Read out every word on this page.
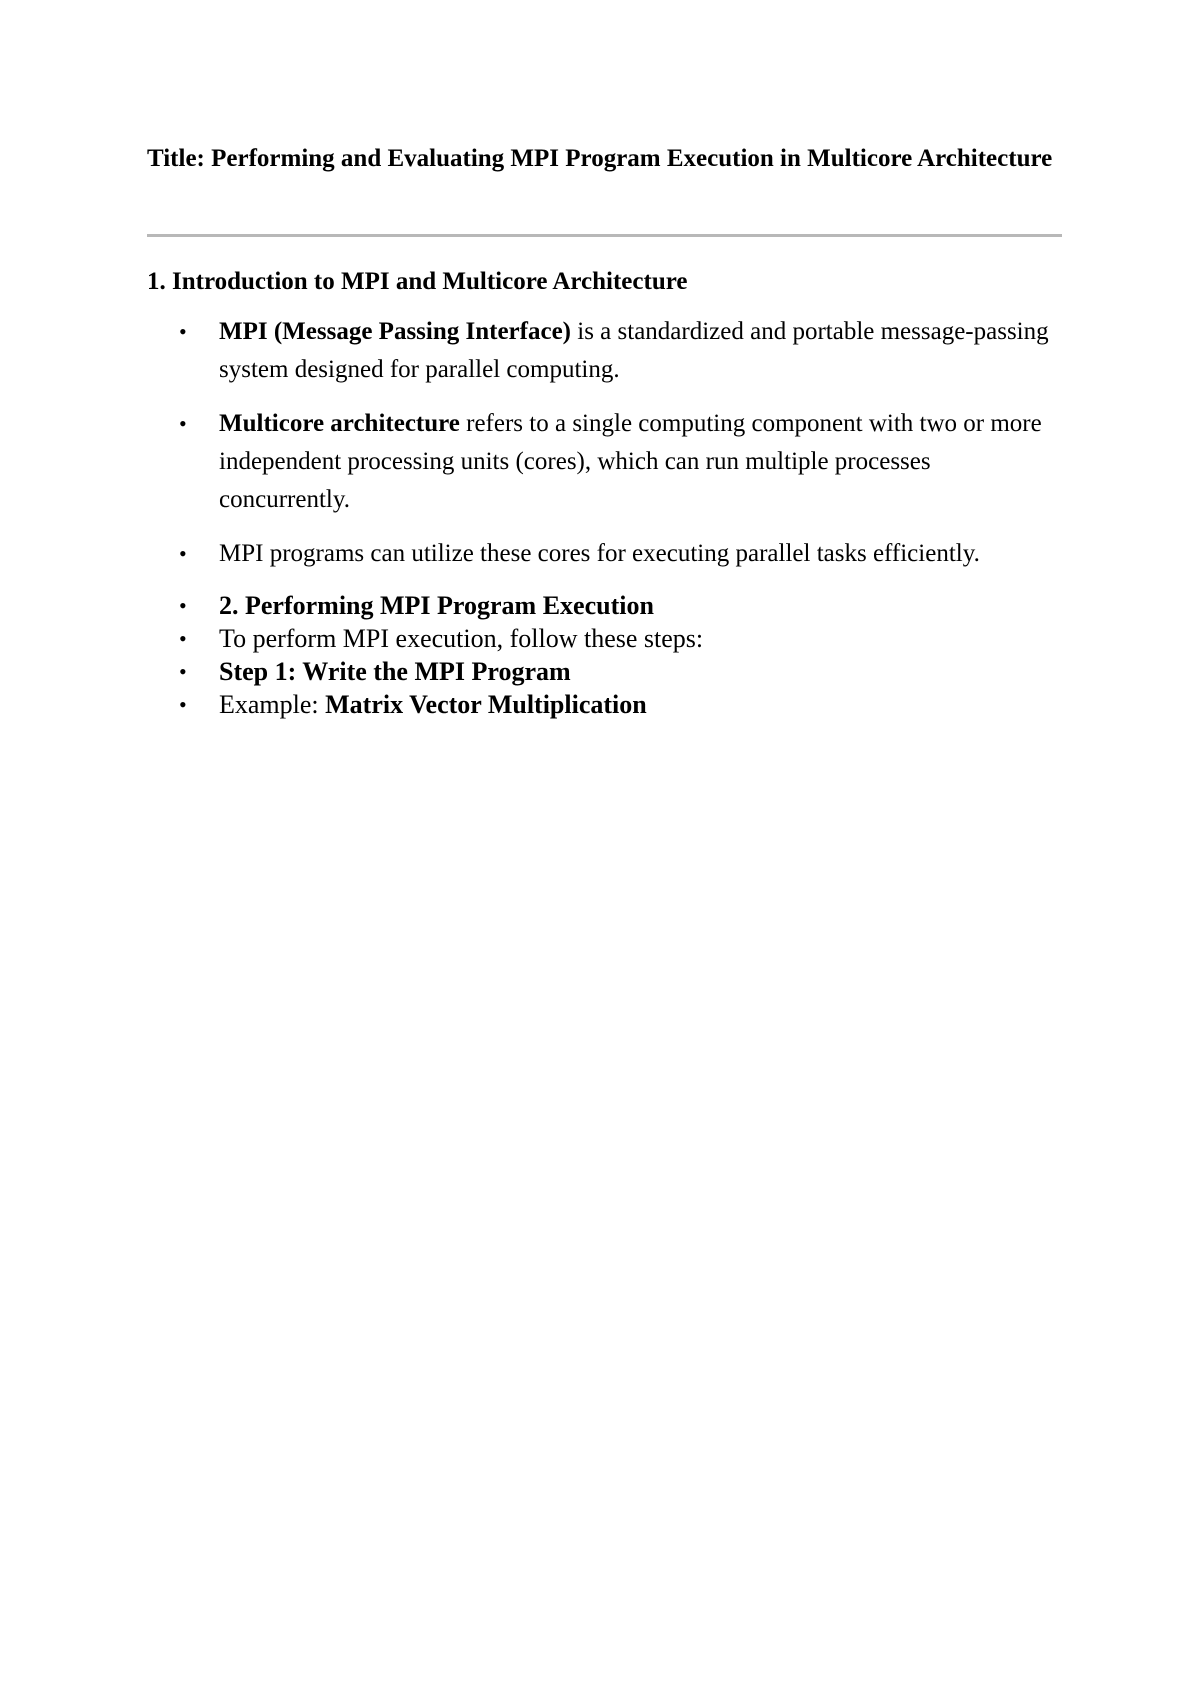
Title: Performing and Evaluating MPI Program Execution in Multicore Architecture

1. Introduction to MPI and Multicore Architecture

• MPI (Message Passing Interface) is a standardized and portable message-passing system designed for parallel computing.
• Multicore architecture refers to a single computing component with two or more independent processing units (cores), which can run multiple processes concurrently.
• MPI programs can utilize these cores for executing parallel tasks efficiently.
• 2. Performing MPI Program Execution
• To perform MPI execution, follow these steps:
• Step 1: Write the MPI Program
• Example: Matrix Vector Multiplication
